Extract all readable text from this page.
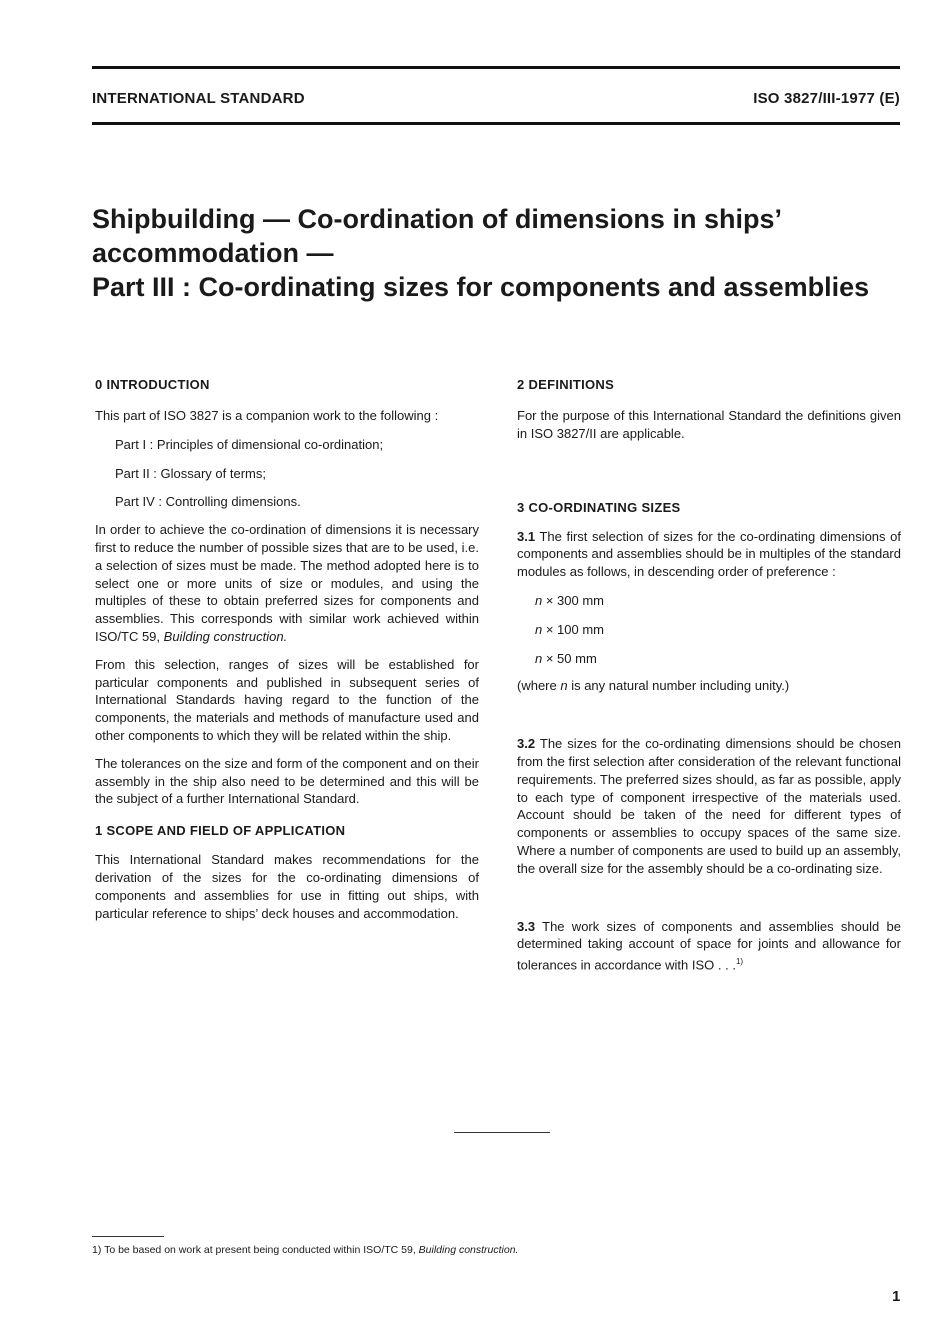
INTERNATIONAL STANDARD	ISO 3827/III-1977 (E)
Shipbuilding — Co-ordination of dimensions in ships’
accommodation —
Part III : Co-ordinating sizes for components and assemblies
0 INTRODUCTION

This part of ISO 3827 is a companion work to the following :

Part I : Principles of dimensional co-ordination;

Part II : Glossary of terms;

Part IV : Controlling dimensions.

In order to achieve the co-ordination of dimensions it is necessary first to reduce the number of possible sizes that are to be used, i.e. a selection of sizes must be made. The method adopted here is to select one or more units of size or modules, and using the multiples of these to obtain preferred sizes for components and assemblies. This corresponds with similar work achieved within ISO/TC 59, Building construction.

From this selection, ranges of sizes will be established for particular components and published in subsequent series of International Standards having regard to the function of the components, the materials and methods of manufacture used and other components to which they will be related within the ship.

The tolerances on the size and form of the component and on their assembly in the ship also need to be determined and this will be the subject of a further International Standard.

1 SCOPE AND FIELD OF APPLICATION

This International Standard makes recommendations for the derivation of the sizes for the co-ordinating dimensions of components and assemblies for use in fitting out ships, with particular reference to ships’ deck houses and accommodation.

2 DEFINITIONS

For the purpose of this International Standard the definitions given in ISO 3827/II are applicable.

3 CO-ORDINATING SIZES

3.1 The first selection of sizes for the co-ordinating dimensions of components and assemblies should be in multiples of the standard modules as follows, in descending order of preference :

n × 300 mm

n × 100 mm

n × 50 mm

(where n is any natural number including unity.)

3.2 The sizes for the co-ordinating dimensions should be chosen from the first selection after consideration of the relevant functional requirements. The preferred sizes should, as far as possible, apply to each type of component irrespective of the materials used. Account should be taken of the need for different types of components or assemblies to occupy spaces of the same size. Where a number of components are used to build up an assembly, the overall size for the assembly should be a co-ordinating size.

3.3 The work sizes of components and assemblies should be determined taking account of space for joints and allowance for tolerances in accordance with ISO . . .$^{1)}$

1) To be based on work at present being conducted within ISO/TC 59, Building construction.
1
